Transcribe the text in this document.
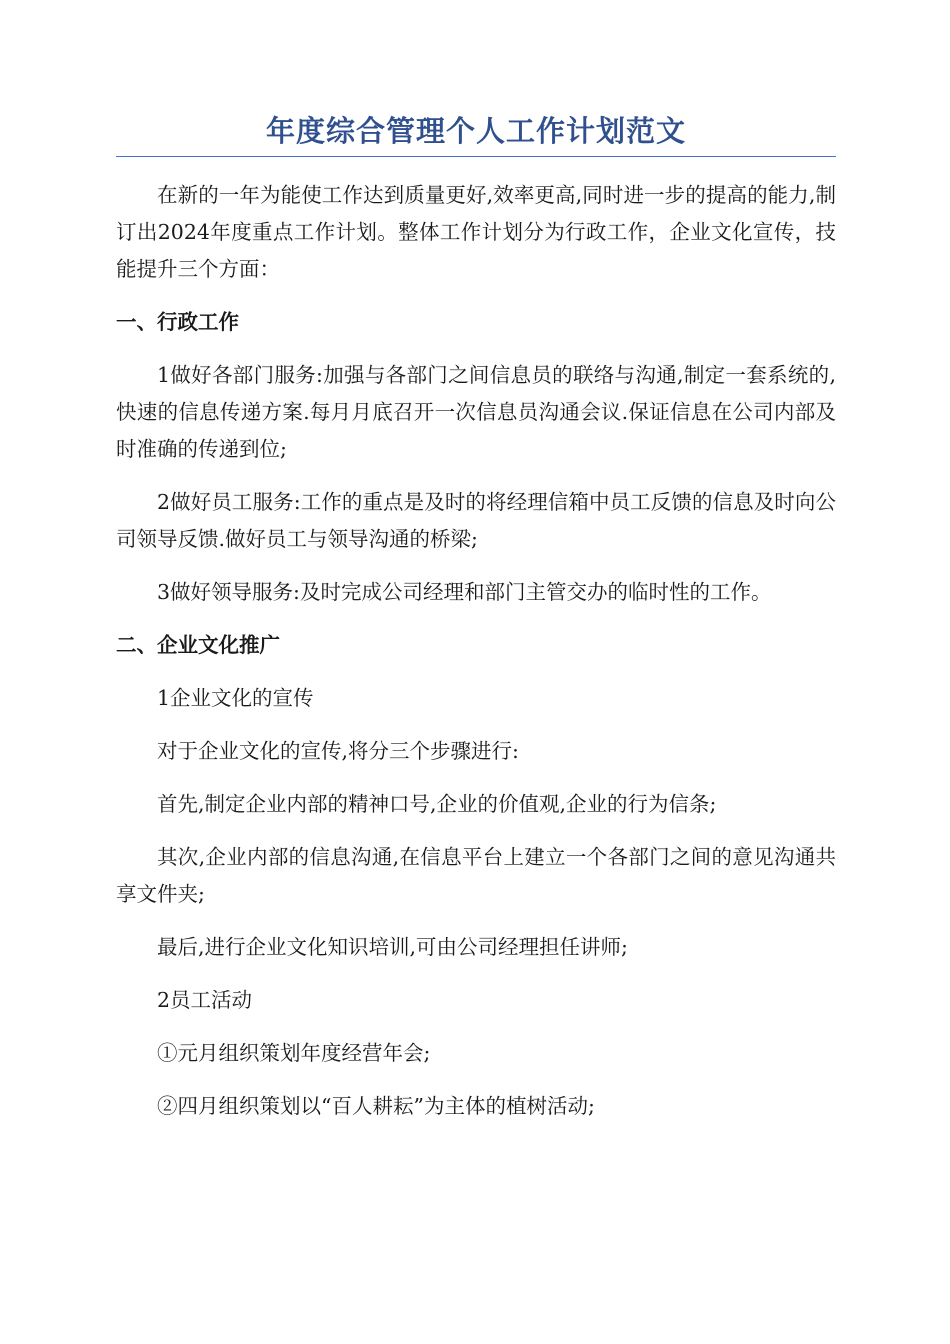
年度综合管理个人工作计划范文

在新的一年为能使工作达到质量更好,效率更高,同时进一步的提高的能力,制订出2024年度重点工作计划。整体工作计划分为行政工作，企业文化宣传，技能提升三个方面：

一、行政工作

1做好各部门服务:加强与各部门之间信息员的联络与沟通,制定一套系统的,快速的信息传递方案.每月月底召开一次信息员沟通会议.保证信息在公司内部及时准确的传递到位;

2做好员工服务:工作的重点是及时的将经理信箱中员工反馈的信息及时向公司领导反馈.做好员工与领导沟通的桥梁;

3做好领导服务:及时完成公司经理和部门主管交办的临时性的工作。

二、企业文化推广

1企业文化的宣传

对于企业文化的宣传,将分三个步骤进行:

首先,制定企业内部的精神口号,企业的价值观,企业的行为信条;

其次,企业内部的信息沟通,在信息平台上建立一个各部门之间的意见沟通共享文件夹;

最后,进行企业文化知识培训,可由公司经理担任讲师;

2员工活动

①元月组织策划年度经营年会;

②四月组织策划以“百人耕耘”为主体的植树活动;
